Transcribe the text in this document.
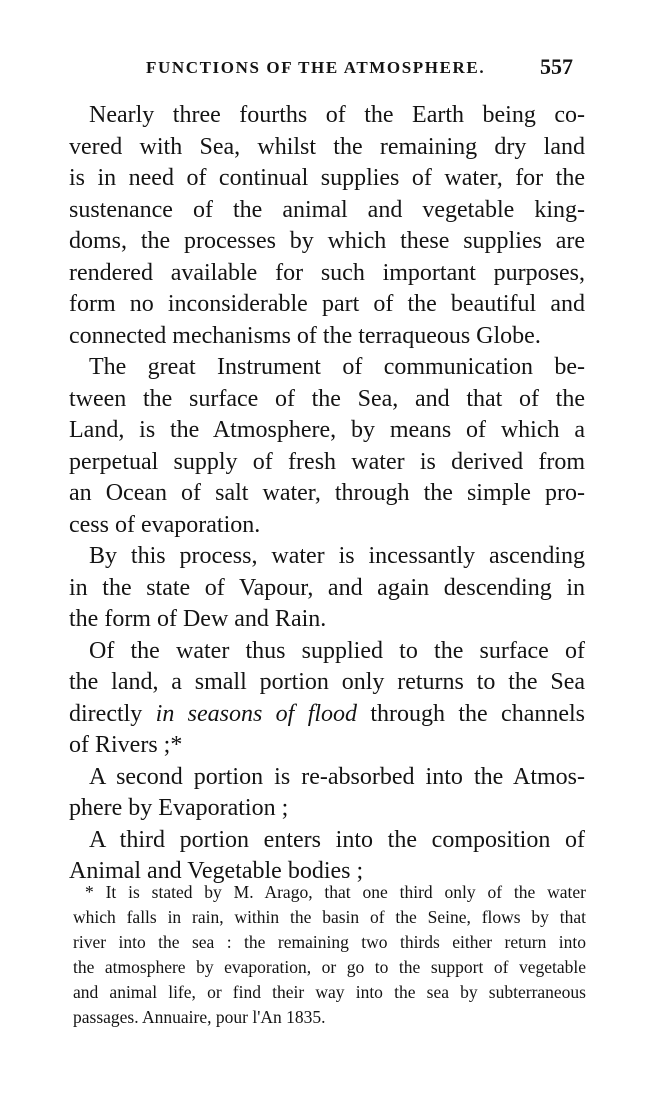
FUNCTIONS OF THE ATMOSPHERE. 557

Nearly three fourths of the Earth being co-
vered with Sea, whilst the remaining dry land
is in need of continual supplies of water, for the
sustenance of the animal and vegetable king-
doms, the processes by which these supplies are
rendered available for such important purposes,
form no inconsiderable part of the beautiful and
connected mechanisms of the terraqueous Globe.

The great Instrument of communication be-
tween the surface of the Sea, and that of the
Land, is the Atmosphere, by means of which a
perpetual supply of fresh water is derived from
an Ocean of salt water, through the simple pro-
cess of evaporation.

By this process, water is incessantly ascending
in the state of Vapour, and again descending in
the form of Dew and Rain.

Of the water thus supplied to the surface of
the land, a small portion only returns to the Sea
directly in seasons of flood through the channels
of Rivers ;*

A second portion is re-absorbed into the Atmos-
phere by Evaporation ;

A third portion enters into the composition of
Animal and Vegetable bodies ;

* It is stated by M. Arago, that one third only of the water
which falls in rain, within the basin of the Seine, flows by that
river into the sea : the remaining two thirds either return into
the atmosphere by evaporation, or go to the support of vegetable
and animal life, or find their way into the sea by subterraneous
passages. Annuaire, pour l'An 1835.
